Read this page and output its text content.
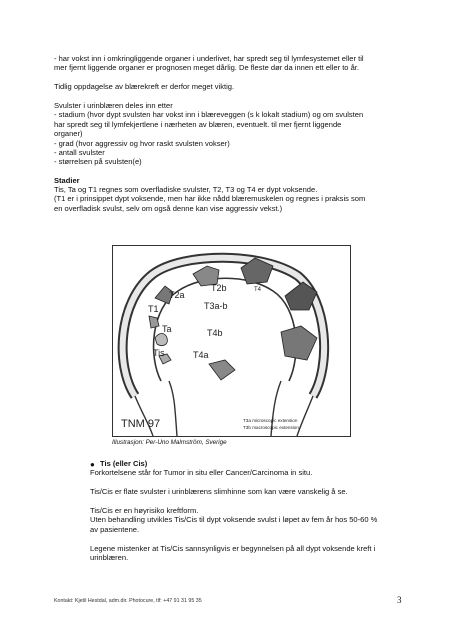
- har vokst inn i omkringliggende organer i underlivet, har spredt seg til lymfesystemet eller til
mer fjernt liggende organer er prognosen meget dårlig. De fleste dør da innen ett eller to år.

Tidlig oppdagelse av blærekreft er derfor meget viktig.

Svulster i urinblæren deles inn etter
- stadium (hvor dypt svulsten har vokst inn i blæreveggen (s k lokalt stadium) og om svulsten
har spredt seg til lymfekjertlene i nærheten av blæren, eventuelt. til mer fjernt liggende
organer)
- grad (hvor aggressiv og hvor raskt svulsten vokser)
- antall svulster
- størrelsen på svulsten(e)

Stadier

Tis, Ta og T1 regnes som overfladiske svulster, T2, T3 og T4 er dypt voksende.
(T1 er i prinsippet dypt voksende, men har ikke nådd blæremuskelen og regnes i praksis som
en overfladisk svulst, selv om også denne kan vise aggressiv vekst.)

T2a
T2b
T1	T3a-b
Ta	T4b
Tis	T4a
T4
TNM 97	T3a microscopic extension
T3b macroscopic extension
Illustrasjon: Per-Uno Malmström, Sverige
● Tis (eller Cis)

Forkortelsene står for Tumor in situ eller Cancer/Carcinoma in situ.

Tis/Cis er flate svulster i urinblærens slimhinne som kan være vanskelig å se.

Tis/Cis er en høyrisiko kreftform.
Uten behandling utvikles Tis/Cis til dypt voksende svulst i løpet av fem år hos 50-60 %
av pasientene.

Legene mistenker at Tis/Cis sannsynligvis er begynnelsen på all dypt voksende kreft i
urinblæren.

Kontakt: Kjetil Hestdal, adm.dir. Photocure, tlf: +47 91 31 95 35	3
